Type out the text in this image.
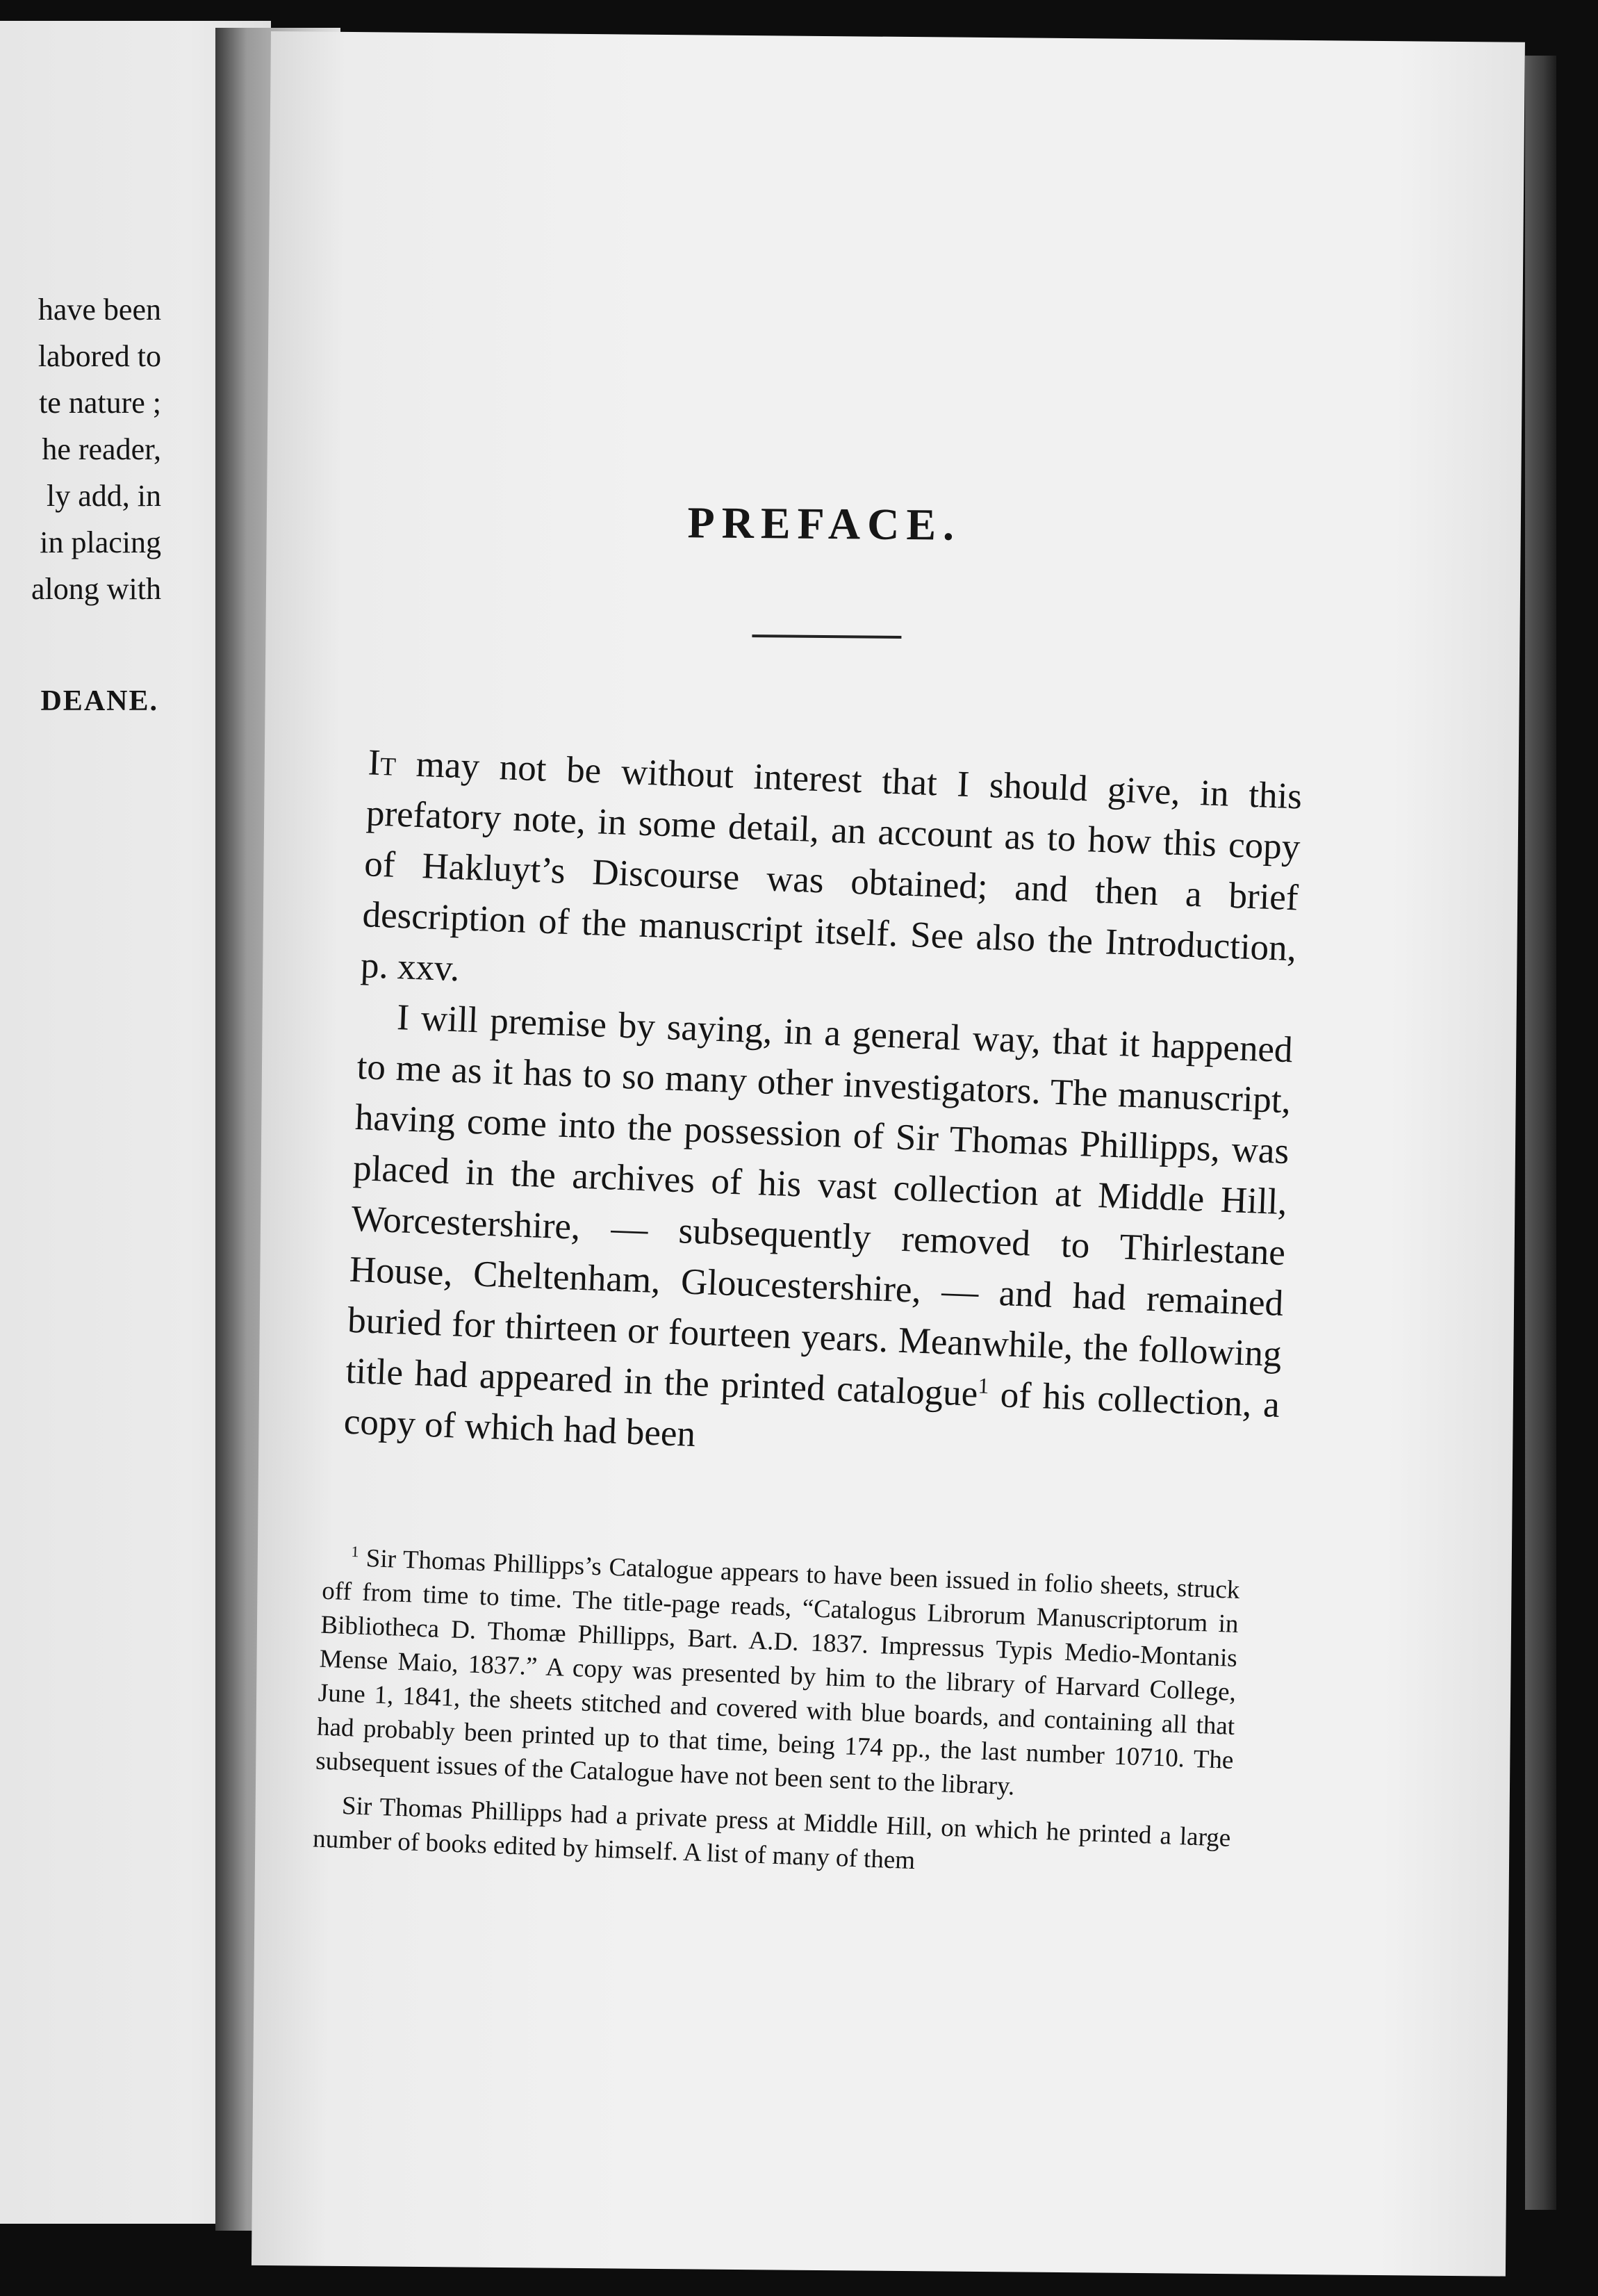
have been
labored to
te nature ;
he reader,
ly add, in
in placing
along with
DEANE.
PREFACE.

It may not be without interest that I should give, in this prefatory note, in some detail, an account as to how this copy of Hakluyt’s Discourse was obtained; and then a brief description of the manuscript itself. See also the Introduction, p. xxv.

I will premise by saying, in a general way, that it happened to me as it has to so many other investigators. The manuscript, having come into the possession of Sir Thomas Phillipps, was placed in the archives of his vast collection at Middle Hill, Worcestershire, — subsequently removed to Thirlestane House, Cheltenham, Gloucestershire, — and had remained buried for thirteen or fourteen years. Meanwhile, the following title had appeared in the printed catalogue$^1$ of his collection, a copy of which had been

$^1$ Sir Thomas Phillipps’s Catalogue appears to have been issued in folio sheets, struck off from time to time. The title-page reads, “Catalogus Librorum Manuscriptorum in Bibliotheca D. Thomæ Phillipps, Bart. A.D. 1837. Impressus Typis Medio-Montanis Mense Maio, 1837.” A copy was presented by him to the library of Harvard College, June 1, 1841, the sheets stitched and covered with blue boards, and containing all that had probably been printed up to that time, being 174 pp., the last number 10710. The subsequent issues of the Catalogue have not been sent to the library.

Sir Thomas Phillipps had a private press at Middle Hill, on which he printed a large number of books edited by himself. A list of many of them
